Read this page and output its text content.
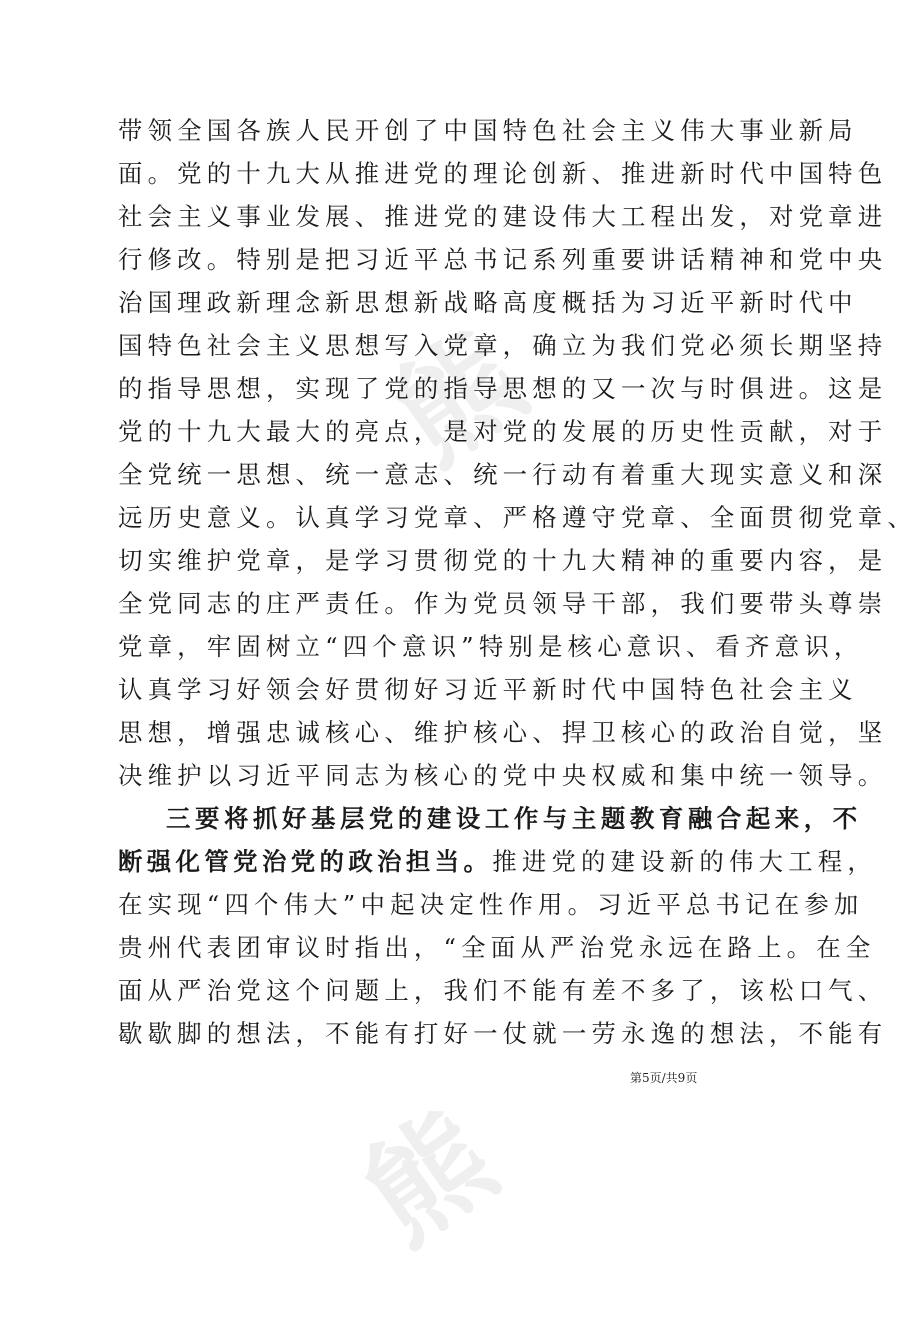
熊
熊
带领全国各族人民开创了中国特色社会主义伟大事业新局
面。党的十九大从推进党的理论创新、推进新时代中国特色
社会主义事业发展、推进党的建设伟大工程出发，对党章进
行修改。特别是把习近平总书记系列重要讲话精神和党中央
治国理政新理念新思想新战略高度概括为习近平新时代中
国特色社会主义思想写入党章，确立为我们党必须长期坚持
的指导思想，实现了党的指导思想的又一次与时俱进。这是
党的十九大最大的亮点，是对党的发展的历史性贡献，对于
全党统一思想、统一意志、统一行动有着重大现实意义和深
远历史意义。认真学习党章、严格遵守党章、全面贯彻党章、
切实维护党章，是学习贯彻党的十九大精神的重要内容，是
全党同志的庄严责任。作为党员领导干部，我们要带头尊崇
党章，牢固树立“四个意识”特别是核心意识、看齐意识，
认真学习好领会好贯彻好习近平新时代中国特色社会主义
思想，增强忠诚核心、维护核心、捍卫核心的政治自觉，坚
决维护以习近平同志为核心的党中央权威和集中统一领导。
三要将抓好基层党的建设工作与主题教育融合起来，不
断强化管党治党的政治担当。推进党的建设新的伟大工程，
在实现“四个伟大”中起决定性作用。习近平总书记在参加
贵州代表团审议时指出，“全面从严治党永远在路上。在全
面从严治党这个问题上，我们不能有差不多了，该松口气、
歇歇脚的想法，不能有打好一仗就一劳永逸的想法，不能有
第5页/共9页
